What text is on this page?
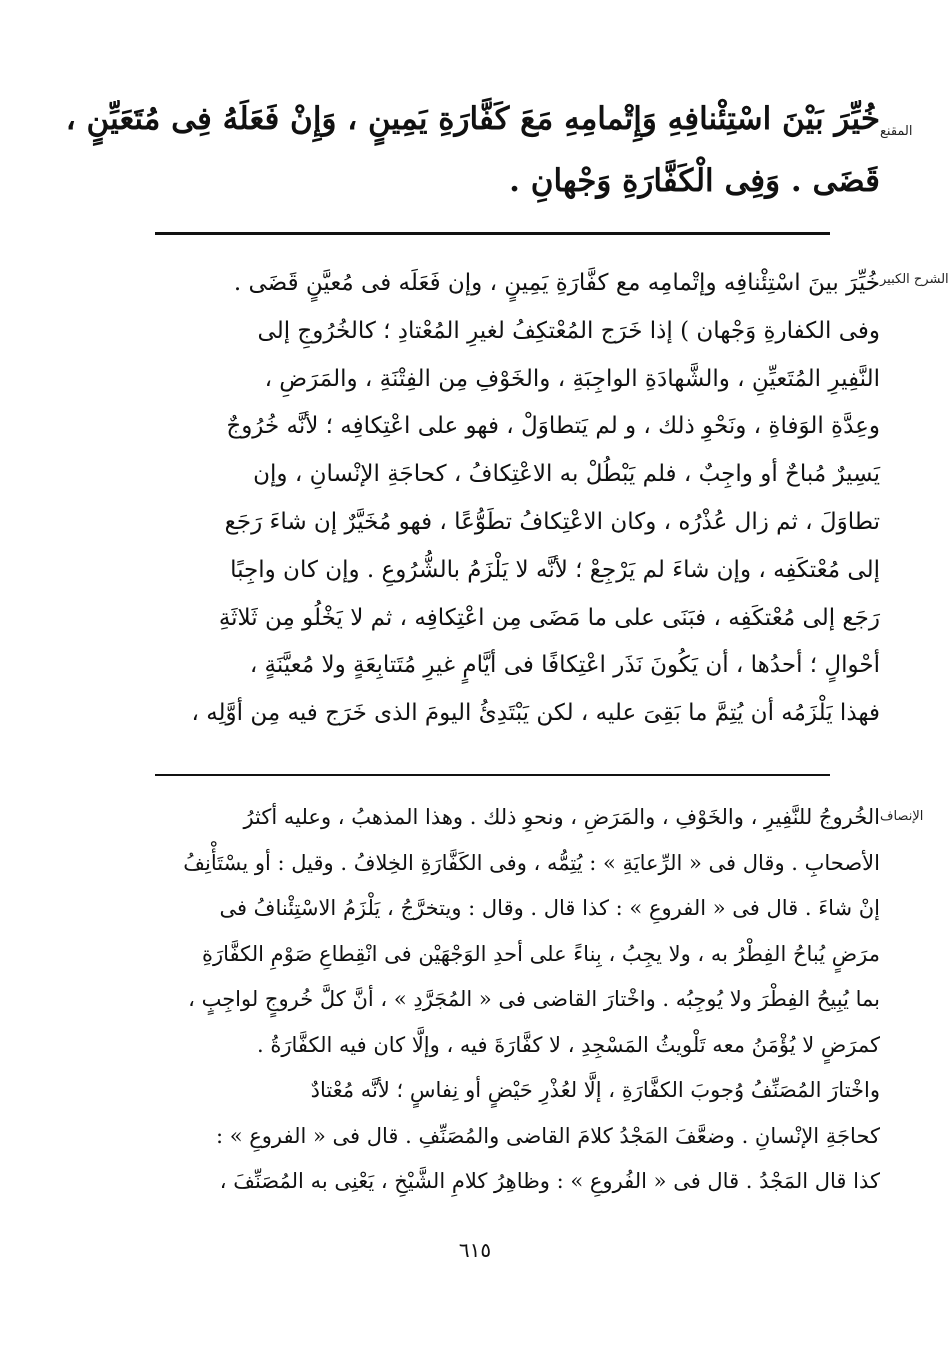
المقنع

خُيِّرَ بَيْنَ اسْتِئْنافِهِ وَإِتْمامِهِ مَعَ كَفَّارَةِ يَمِينٍ ، وَإِنْ فَعَلَهُ فِى مُتَعَيِّنٍ ،

قَضَى . وَفِى الْكَفَّارَةِ وَجْهانِ .

الشرح الكبير

خُيِّرَ بينَ اسْتِئْنافِه وإتْمامِه مع كفَّارَةِ يَمِينٍ ، وإن فَعَلَه فى مُعيَّنٍ قَضَى .

وفى الكفارةِ وَجْهان ) إذا خَرَج المُعْتكِفُ لغيرِ المُعْتادِ ؛ كالخُرُوجِ إلى

النَّفِيرِ المُتَعيِّنِ ، والشَّهادَةِ الواجِبَةِ ، والخَوْفِ مِن الفِتْنَةِ ، والمَرَضِ ،

وعِدَّةِ الوَفاةِ ، ونَحْوِ ذلك ، و لم يَتطاوَلْ ، فهو على اعْتِكافِه ؛ لأنَّه خُرُوجٌ

يَسِيرٌ مُباحٌ أو واجِبٌ ، فلم يَبْطُلْ به الاعْتِكافُ ، كحاجَةِ الإنْسانِ ، وإن

تطاوَلَ ، ثم زال عُذْرُه ، وكان الاعْتِكافُ تطَوُّعًا ، فهو مُخَيَّرٌ إن شاءَ رَجَع

إلى مُعْتكَفِه ، وإن شاءَ لم يَرْجِعْ ؛ لأنَّه لا يَلْزَمُ بالشُّرُوعِ . وإن كان واجِبًا

رَجَع إلى مُعْتكَفِه ، فبَنَى على ما مَضَى مِن اعْتِكافِه ، ثم لا يَخْلُو مِن ثَلاثَةِ

أحْوالٍ ؛ أحدُها ، أن يَكُونَ نَذَر اعْتِكافًا فى أيَّامٍ غيرِ مُتَتابِعَةٍ ولا مُعيَّنَةٍ ،

فهذا يَلْزَمُه أن يُتِمَّ ما بَقِىَ عليه ، لكن يَبْتَدِئُ اليومَ الذى خَرَج فيه مِن أوَّلِه ،

الإنصاف

الخُروجُ للنَّفِيرِ ، والخَوْفِ ، والمَرَضِ ، ونحوِ ذلك . وهذا المذهبُ ، وعليه أكثرُ

الأصحابِ . وقال فى « الرِّعايَةِ » : يُتِمُّه ، وفى الكَفَّارَةِ الخِلافُ . وقيل : أو يسْتَأْنِفُ

إنْ شاءَ . قال فى « الفروعِ » : كذا قال . وقال : ويتخرَّجُ ، يَلْزَمُ الاسْتِئْنافُ فى

مرَضٍ يُباحُ الفِطْرُ به ، ولا يجِبُ ، بِناءً على أحدِ الوَجْهَيْن فى انْقِطاعِ صَوْمِ الكفَّارَةِ

بما يُبِيحُ الفِطْرَ ولا يُوجِبُه . واخْتارَ القاضى فى « المُجَرَّدِ » ، أنَّ كلَّ خُروجٍ لواجِبٍ ،

كمرَضٍ لا يُؤْمَنُ معه تَلْويثُ المَسْجِدِ ، لا كفَّارَةَ فيه ، وإلَّا كان فيه الكفَّارَةُ .

واخْتارَ المُصَنِّفُ وُجوبَ الكفَّارَةِ ، إلَّا لعُذْرِ حَيْضٍ أو نِفاسٍ ؛ لأنَّه مُعْتادٌ

كحاجَةِ الإنْسانِ . وضعَّفَ المَجْدُ كلامَ القاضى والمُصَنِّفِ . قال فى « الفروعِ » :

كذا قال المَجْدُ . قال فى « الفُروعِ » : وظاهِرُ كلامِ الشَّيْخِ ، يَعْنِى به المُصَنِّفَ ،

٦١٥
